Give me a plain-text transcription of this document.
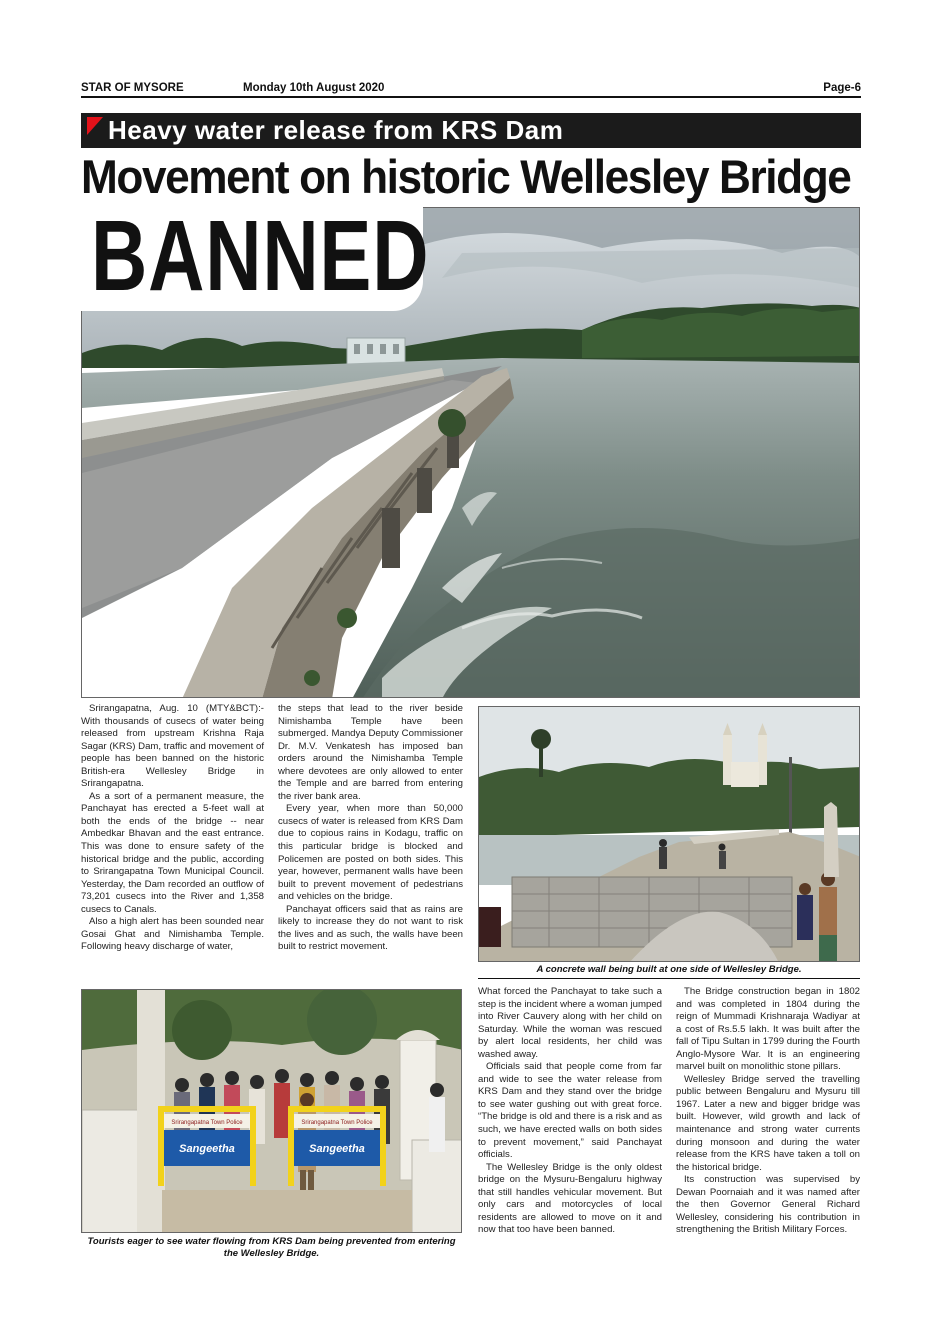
STAR OF MYSORE	Monday 10th August 2020	Page-6
Heavy water release from KRS Dam
Movement on historic Wellesley Bridge
BANNED

Srirangapatna, Aug. 10 (MTY&BCT):- With thousands of cusecs of water being released from upstream Krishna Raja Sagar (KRS) Dam, traffic and movement of people has been banned on the historic British-era Wellesley Bridge in Srirangapatna.

As a sort of a permanent measure, the Panchayat has erected a 5-feet wall at both the ends of the bridge -- near Ambedkar Bhavan and the east entrance. This was done to ensure safety of the historical bridge and the public, according to Srirangapatna Town Municipal Council. Yesterday, the Dam recorded an outflow of 73,201 cusecs into the River and 1,358 cusecs to Canals.

Also a high alert has been sounded near Gosai Ghat and Nimishamba Temple. Following heavy discharge of water,

the steps that lead to the river beside Nimishamba Temple have been submerged. Mandya Deputy Commissioner Dr. M.V. Venkatesh has imposed ban orders around the Nimishamba Temple where devotees are only allowed to enter the Temple and are barred from entering the river bank area.

Every year, when more than 50,000 cusecs of water is released from KRS Dam due to copious rains in Kodagu, traffic on this particular bridge is blocked and Policemen are posted on both sides. This year, however, permanent walls have been built to prevent movement of pedestrians and vehicles on the bridge.

Panchayat officers said that as rains are likely to increase they do not want to risk the lives and as such, the walls have been built to restrict movement.

A concrete wall being built at one side of Wellesley Bridge.

What forced the Panchayat to take such a step is the incident where a woman jumped into River Cauvery along with her child on Saturday. While the woman was rescued by alert local residents, her child was washed away.

Officials said that people come from far and wide to see the water release from KRS Dam and they stand over the bridge to see water gushing out with great force. “The bridge is old and there is a risk and as such, we have erected walls on both sides to prevent movement,” said Panchayat officials.

The Wellesley Bridge is the only oldest bridge on the Mysuru-Bengaluru highway that still handles vehicular movement. But only cars and motorcycles of local residents are allowed to move on it and now that too have been banned.

The Bridge construction began in 1802 and was completed in 1804 during the reign of Mummadi Krishnaraja Wadiyar at a cost of Rs.5.5 lakh. It was built after the fall of Tipu Sultan in 1799 during the Fourth Anglo-Mysore War. It is an engineering marvel built on monolithic stone pillars.

Wellesley Bridge served the travelling public between Bengaluru and Mysuru till 1967. Later a new and bigger bridge was built. However, wild growth and lack of maintenance and strong water currents during monsoon and during the water release from the KRS have taken a toll on the historical bridge.

Its construction was supervised by Dewan Poornaiah and it was named after the then Governor General Richard Wellesley, considering his contribution in strengthening the British Military Forces.

Srirangapatna Town Police	Srirangapatna Town Police
Sangeetha	Sangeetha
Tourists eager to see water flowing from KRS Dam being prevented from entering the Wellesley Bridge.
